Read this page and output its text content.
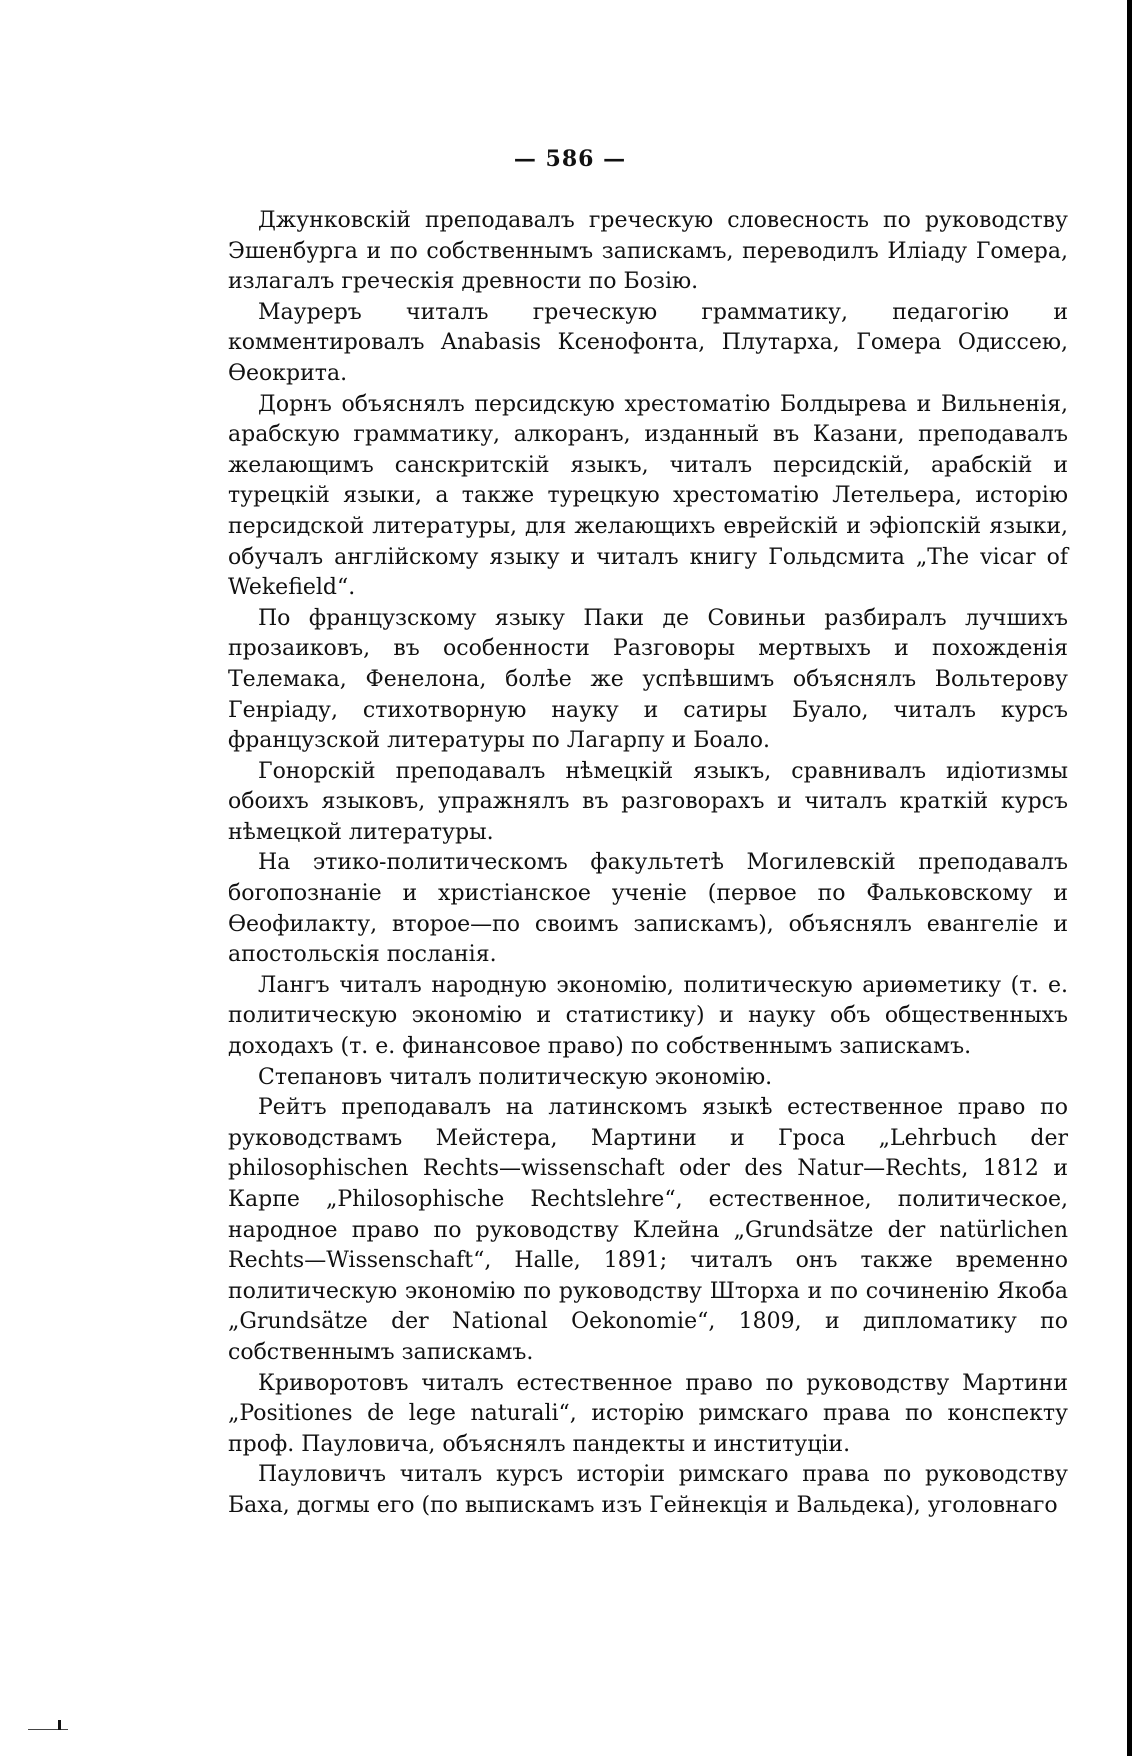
— 586 —

Джунковскій преподавалъ греческую словесность по руководству Эшенбурга и по собственнымъ запискамъ, переводилъ Иліаду Гомера, излагалъ греческія древности по Бозію.

Мауреръ читалъ греческую грамматику, педагогію и комментировалъ Anabasis Ксенофонта, Плутарха, Гомера Одиссею, Өеокрита.

Дорнъ объяснялъ персидскую хрестоматію Болдырева и Вильненія, арабскую грамматику, алкоранъ, изданный въ Казани, преподавалъ желающимъ санскритскій языкъ, читалъ персидскій, арабскій и турецкій языки, а также турецкую хрестоматію Летельера, исторію персидской литературы, для желающихъ еврейскій и эфіопскій языки, обучалъ англійскому языку и читалъ книгу Гольдсмита „The vicar of Wekefield“.

По французскому языку Паки де Совиньи разбиралъ лучшихъ прозаиковъ, въ особенности Разговоры мертвыхъ и похожденія Телемака, Фенелона, болѣе же успѣвшимъ объяснялъ Вольтерову Генріаду, стихотворную науку и сатиры Буало, читалъ курсъ французской литературы по Лагарпу и Боало.

Гонорскій преподавалъ нѣмецкій языкъ, сравнивалъ идіотизмы обоихъ языковъ, упражнялъ въ разговорахъ и читалъ краткій курсъ нѣмецкой литературы.

На этико-политическомъ факультетѣ Могилевскій преподавалъ богопознаніе и христіанское ученіе (первое по Фальковскому и Өеофилакту, второе—по своимъ запискамъ), объяснялъ евангеліе и апостольскія посланія.

Лангъ читалъ народную экономію, политическую ариөметику (т. е. политическую экономію и статистику) и науку объ общественныхъ доходахъ (т. е. финансовое право) по собственнымъ запискамъ.

Степановъ читалъ политическую экономію.

Рейтъ преподавалъ на латинскомъ языкѣ естественное право по руководствамъ Мейстера, Мартини и Гроса „Lehrbuch der philosophischen Rechts—wissenschaft oder des Natur—Rechts, 1812 и Карпе „Philosophische Rechtslehre“, естественное, политическое, народное право по руководству Клейна „Grundsätze der natürlichen Rechts—Wissenschaft“, Halle, 1891; читалъ онъ также временно политическую экономію по руководству Шторха и по сочиненію Якоба „Grundsätze der National Oekonomie“, 1809, и дипломатику по собственнымъ запискамъ.

Криворотовъ читалъ естественное право по руководству Мартини „Positiones de lege naturali“, исторію римскаго права по конспекту проф. Пауловича, объяснялъ пандекты и институціи.

Пауловичъ читалъ курсъ исторіи римскаго права по руководству Баха, догмы его (по выпискамъ изъ Гейнекція и Вальдека), уголовнаго
